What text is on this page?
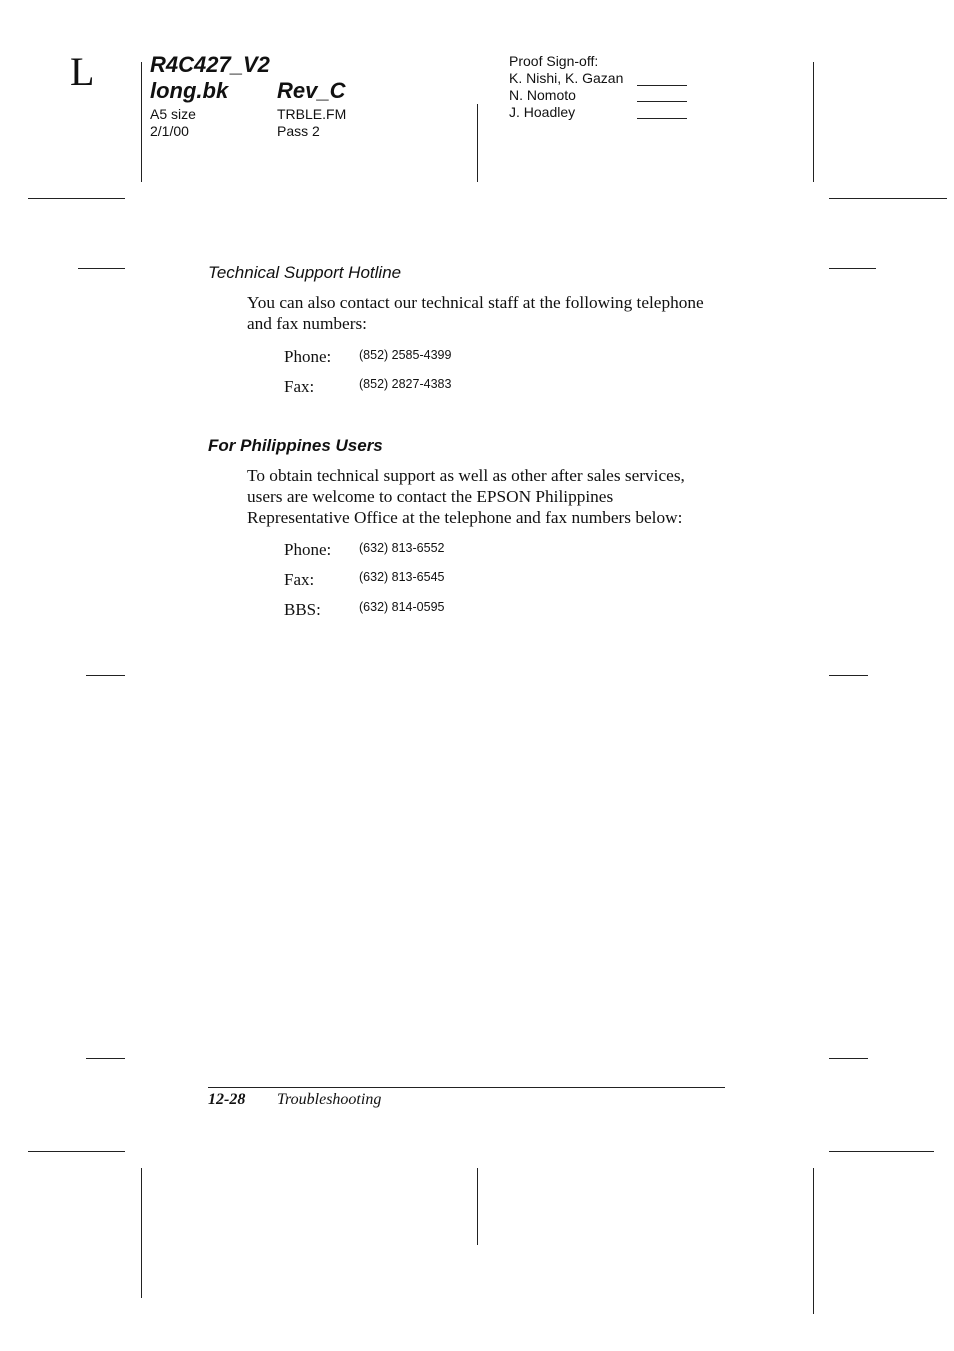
L	R4C427_V2
long.bk Rev_C
A5 size
2/1/00
TRBLE.FM
Pass 2
Proof Sign-off:
K. Nishi, K. Gazan
N. Nomoto
J. Hoadley
Technical Support Hotline
You can also contact our technical staff at the following telephone
and fax numbers:
Phone: (852) 2585-4399
Fax:	(852) 2827-4383
For Philippines Users
To obtain technical support as well as other after sales services,
users are welcome to contact the EPSON Philippines
Representative Office at the telephone and fax numbers below:
Phone: (632) 813-6552
Fax:	(632) 813-6545
BBS:	(632) 814-0595
12-28 Troubleshooting
